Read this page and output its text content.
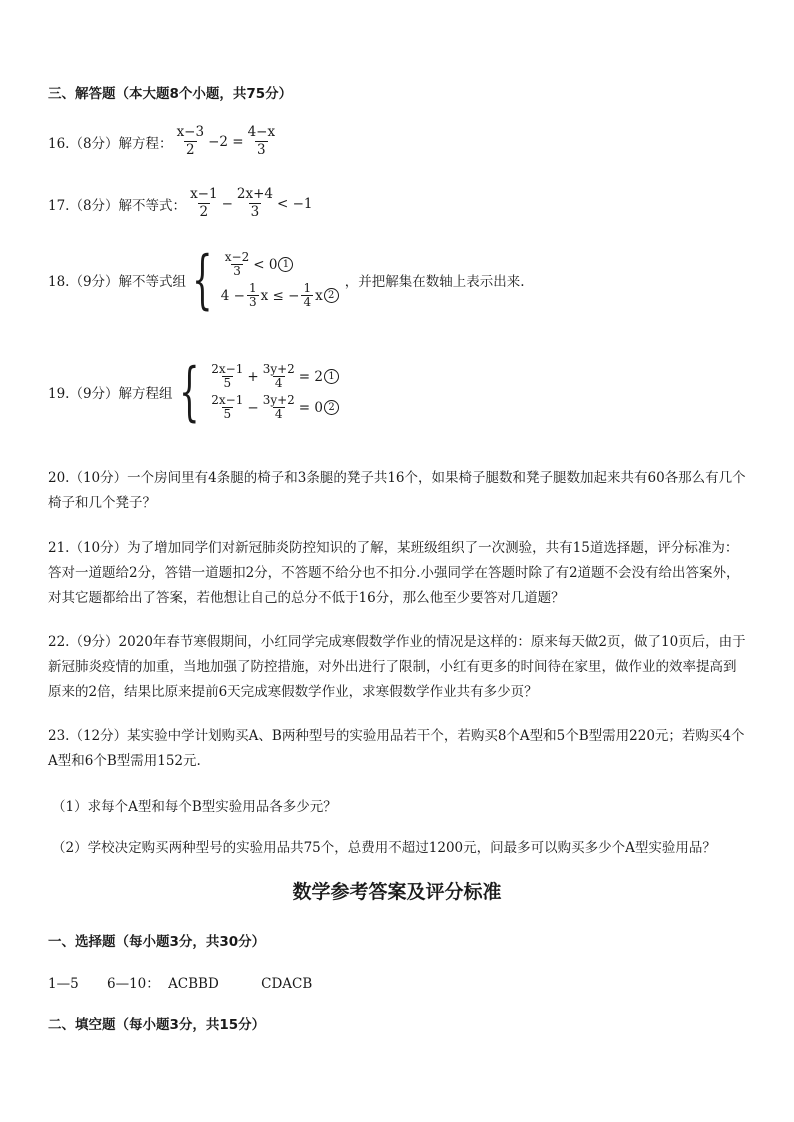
三、解答题（本大题8个小题，共75分）
16.（8分）解方程： $\frac{x-3}{2} -2 = \frac{4-x}{3}$
17.（8分）解不等式： $\frac{x-1}{2} - \frac{2x+4}{3} < -1$
18.（9分）解不等式组 { $\frac{x-2}{3} < 0$ 1
$4 - \frac{1}{3}$ x ≤ − $\frac{1}{4}$ x 2
，并把解集在数轴上表示出来.
19.（9分）解方程组 { $\frac{2x-1}{5} + \frac{3y+2}{4} = 2$ 1
$\frac{2x-1}{5} - \frac{3y+2}{4} = 0$ 2
20.（10分）一个房间里有4条腿的椅子和3条腿的凳子共16个，如果椅子腿数和凳子腿数加起来共有60各那么有几个椅子和几个凳子？
21.（10分）为了增加同学们对新冠肺炎防控知识的了解，某班级组织了一次测验，共有15道选择题，评分标准为：答对一道题给2分，答错一道题扣2分，不答题不给分也不扣分.小强同学在答题时除了有2道题不会没有给出答案外，对其它题都给出了答案，若他想让自己的总分不低于16分，那么他至少要答对几道题？
22.（9分）2020年春节寒假期间，小红同学完成寒假数学作业的情况是这样的：原来每天做2页，做了10页后，由于新冠肺炎疫情的加重，当地加强了防控措施，对外出进行了限制，小红有更多的时间待在家里，做作业的效率提高到原来的2倍，结果比原来提前6天完成寒假数学作业，求寒假数学作业共有多少页？
23.（12分）某实验中学计划购买A、B两种型号的实验用品若干个，若购买8个A型和5个B型需用220元；若购买4个A型和6个B型需用152元.
（1）求每个A型和每个B型实验用品各多少元？
（2）学校决定购买两种型号的实验用品共75个，总费用不超过1200元，问最多可以购买多少个A型实验用品？
数学参考答案及评分标准
一、选择题（每小题3分，共30分）
1—5 6—10： ACBBD	CDACB
二、填空题（每小题3分，共15分）
